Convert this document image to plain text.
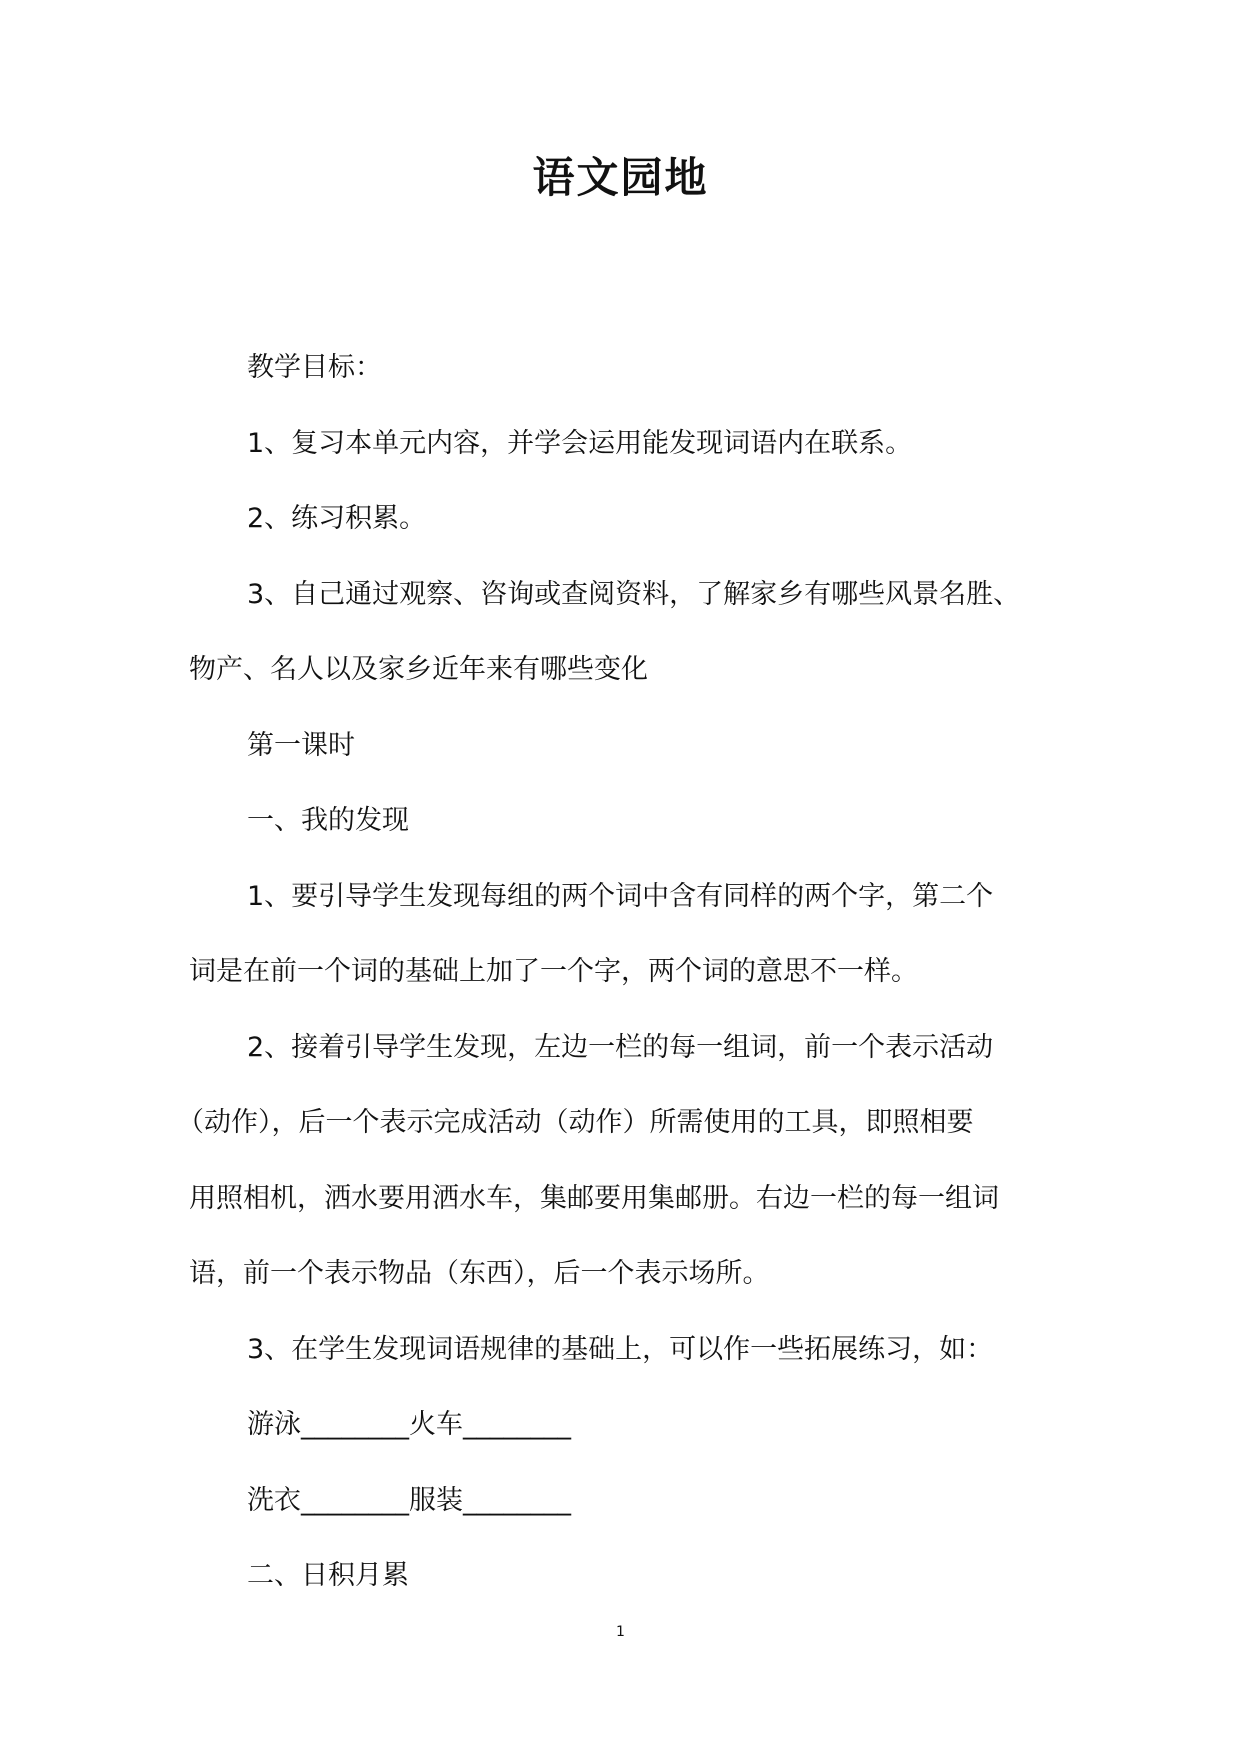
语文园地

教学目标：

1、复习本单元内容，并学会运用能发现词语内在联系。

2、练习积累。

3、自己通过观察、咨询或查阅资料，了解家乡有哪些风景名胜、

物产、名人以及家乡近年来有哪些变化

第一课时

一、我的发现

1、要引导学生发现每组的两个词中含有同样的两个字，第二个

词是在前一个词的基础上加了一个字，两个词的意思不一样。

2、接着引导学生发现，左边一栏的每一组词，前一个表示活动

（动作），后一个表示完成活动（动作）所需使用的工具，即照相要

用照相机，洒水要用洒水车，集邮要用集邮册。右边一栏的每一组词

语，前一个表示物品（东西），后一个表示场所。

3、在学生发现词语规律的基础上，可以作一些拓展练习，如：

游泳________火车________

洗衣________服装________

二、日积月累

1
